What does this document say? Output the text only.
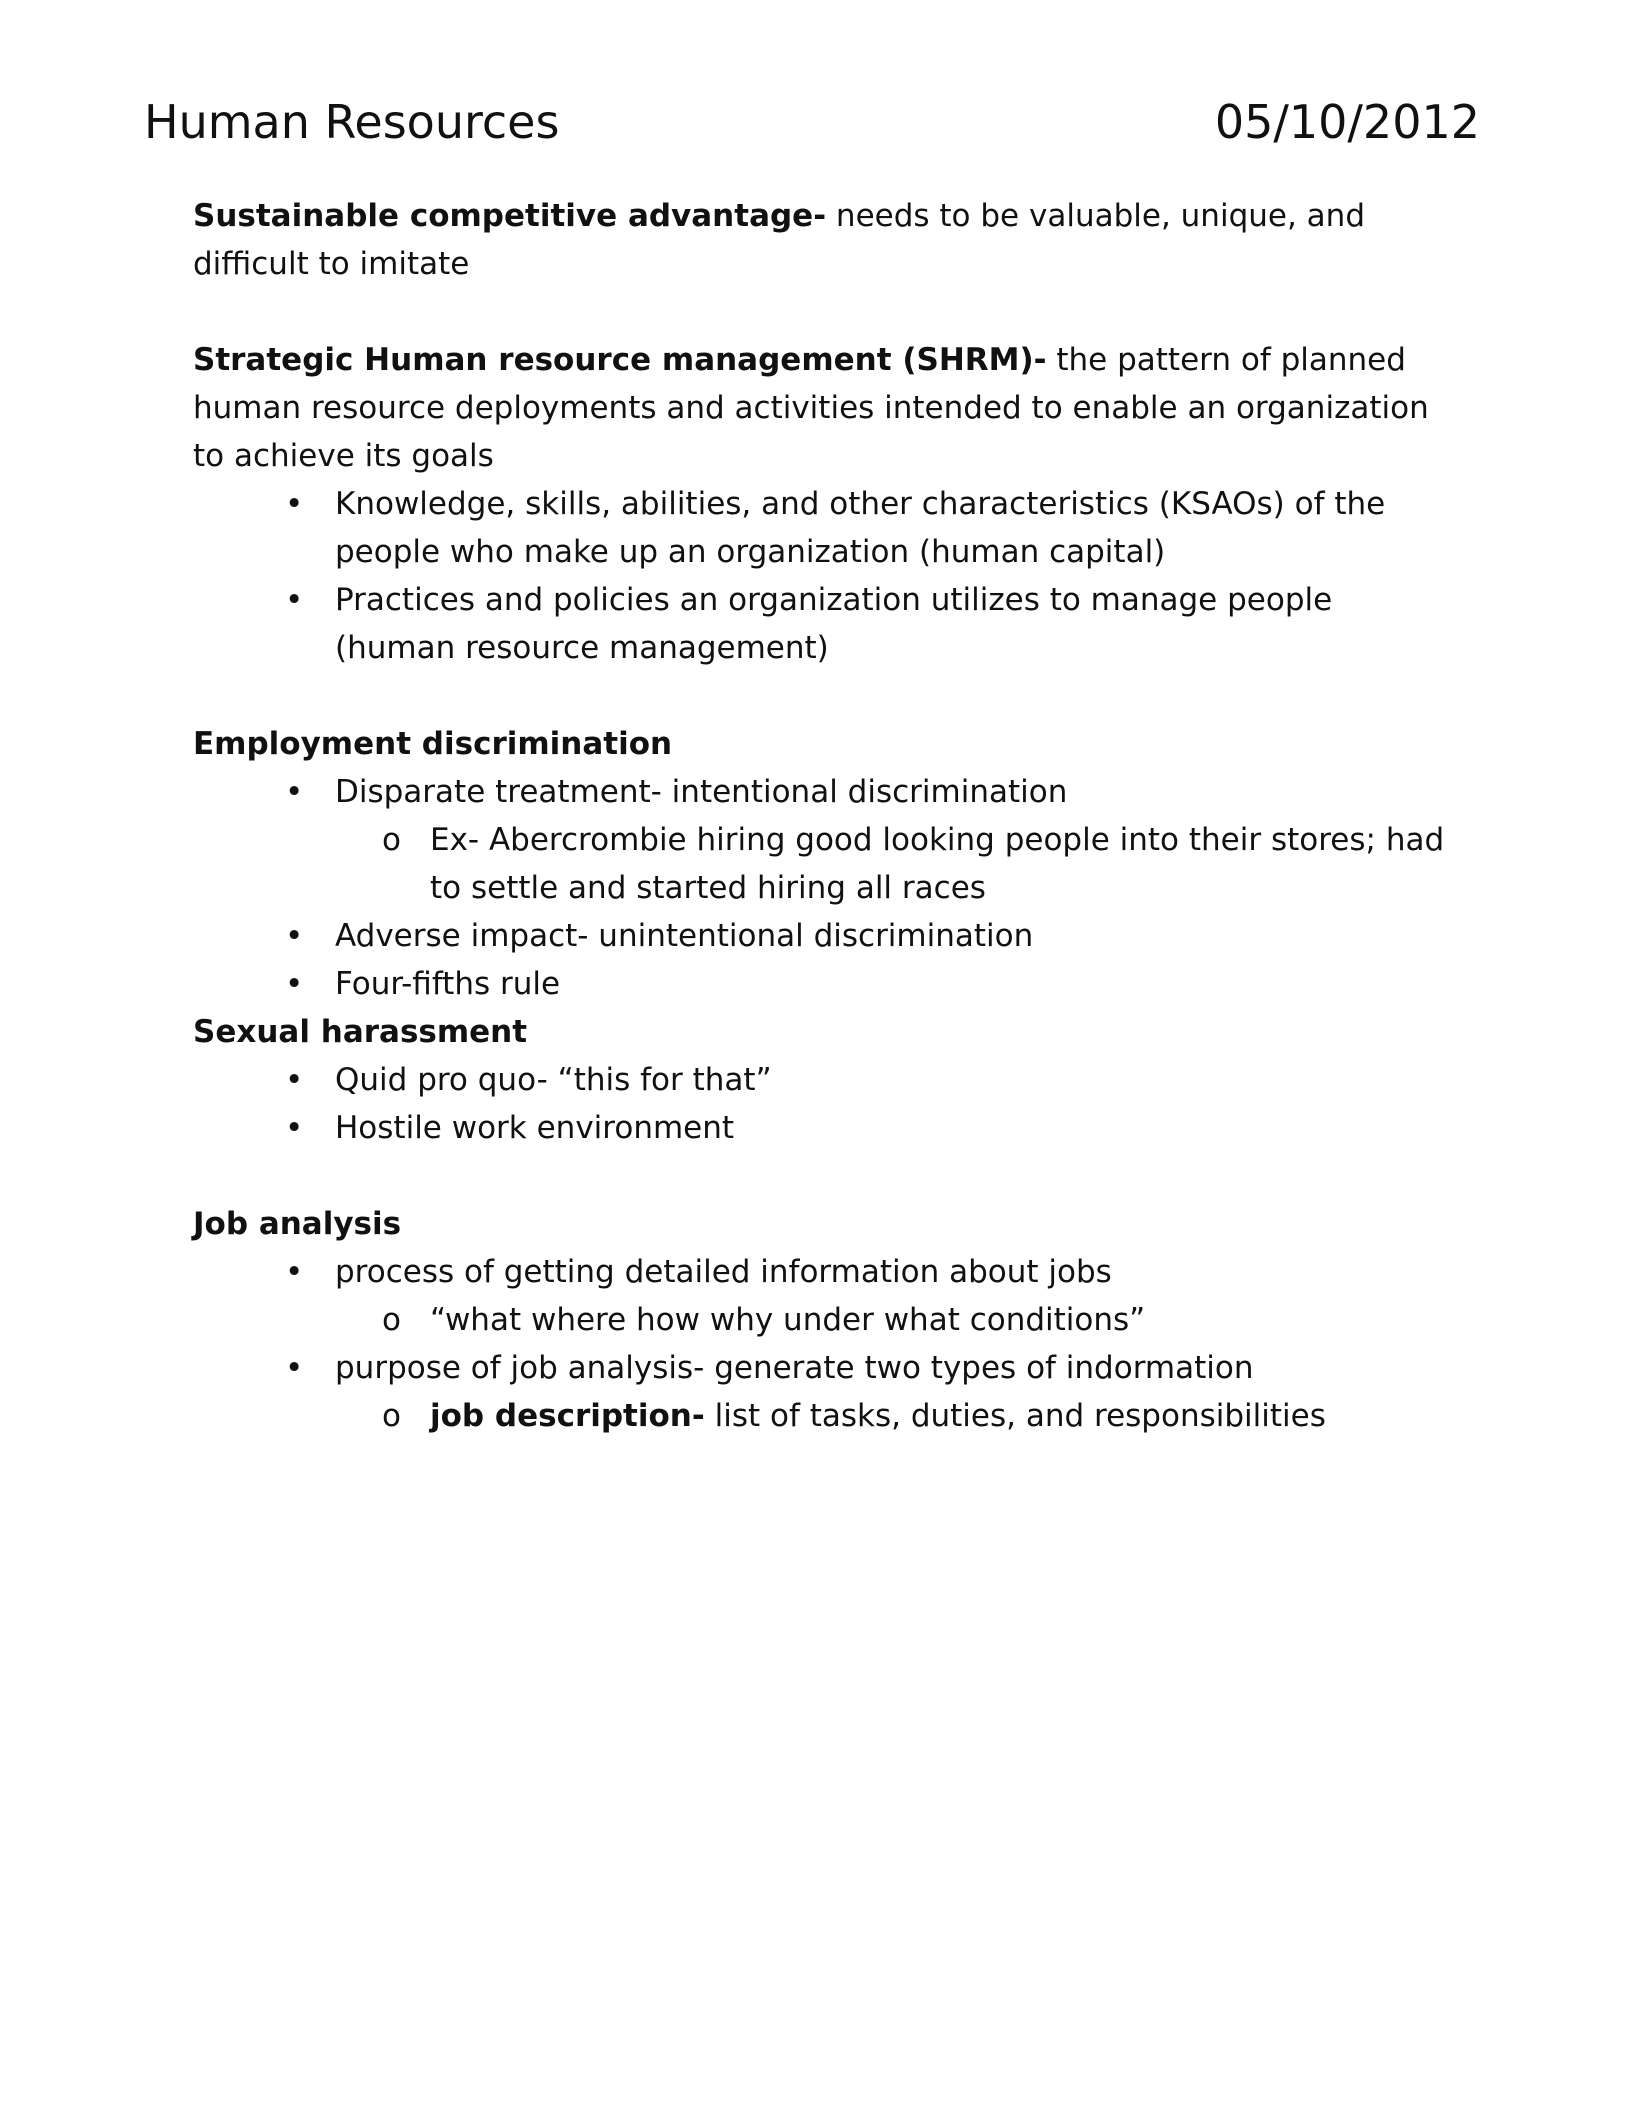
Human Resources	05/10/2012

Sustainable competitive advantage- needs to be valuable, unique, and difficult to imitate

Strategic Human resource management (SHRM)- the pattern of planned human resource deployments and activities intended to enable an organization to achieve its goals

• Knowledge, skills, abilities, and other characteristics (KSAOs) of the people who make up an organization (human capital)
• Practices and policies an organization utilizes to manage people (human resource management)

Employment discrimination

• Disparate treatment- intentional discrimination
o Ex- Abercrombie hiring good looking people into their stores; had to settle and started hiring all races
• Adverse impact- unintentional discrimination
• Four-fifths rule

Sexual harassment

• Quid pro quo- “this for that”
• Hostile work environment

Job analysis

• process of getting detailed information about jobs
o “what where how why under what conditions”
• purpose of job analysis- generate two types of indormation
o job description- list of tasks, duties, and responsibilities
